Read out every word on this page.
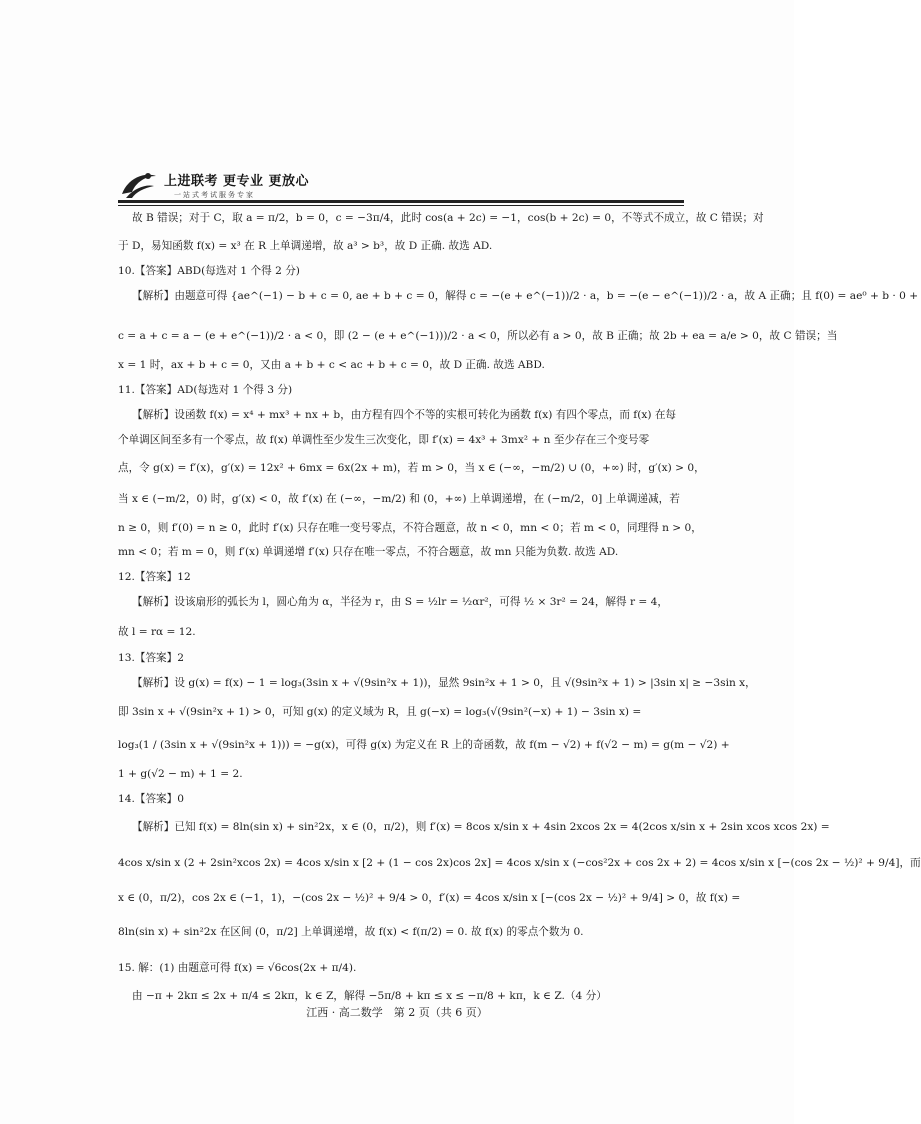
上进联考 更专业 更放心
一站式考试服务专家
故 B 错误；对于 C，取 a = π/2，b = 0，c = −3π/4，此时 cos(a + 2c) = −1，cos(b + 2c) = 0，不等式不成立，故 C 错误；对
于 D，易知函数 f(x) = x³ 在 R 上单调递增，故 a³ > b³，故 D 正确. 故选 AD.
10.【答案】ABD(每选对 1 个得 2 分)
【解析】由题意可得 {ae^(−1) − b + c = 0, ae + b + c = 0，解得 c = −(e + e^(−1))/2 · a，b = −(e − e^(−1))/2 · a，故 A 正确；且 f(0) = ae⁰ + b · 0 +
c = a + c = a − (e + e^(−1))/2 · a < 0，即 (2 − (e + e^(−1)))/2 · a < 0，所以必有 a > 0，故 B 正确；故 2b + ea = a/e > 0，故 C 错误；当
x = 1 时，ax + b + c = 0，又由 a + b + c < ac + b + c = 0，故 D 正确. 故选 ABD.
11.【答案】AD(每选对 1 个得 3 分)
【解析】设函数 f(x) = x⁴ + mx³ + nx + b，由方程有四个不等的实根可转化为函数 f(x) 有四个零点，而 f(x) 在每
个单调区间至多有一个零点，故 f(x) 单调性至少发生三次变化，即 f′(x) = 4x³ + 3mx² + n 至少存在三个变号零
点，令 g(x) = f′(x)，g′(x) = 12x² + 6mx = 6x(2x + m)，若 m > 0，当 x ∈ (−∞，−m/2) ∪ (0，+∞) 时，g′(x) > 0，
当 x ∈ (−m/2，0) 时，g′(x) < 0，故 f′(x) 在 (−∞，−m/2) 和 (0，+∞) 上单调递增，在 (−m/2，0] 上单调递减，若
n ≥ 0，则 f′(0) = n ≥ 0，此时 f′(x) 只存在唯一变号零点，不符合题意，故 n < 0，mn < 0；若 m < 0，同理得 n > 0，
mn < 0；若 m = 0，则 f′(x) 单调递增 f′(x) 只存在唯一零点，不符合题意，故 mn 只能为负数. 故选 AD.
12.【答案】12
【解析】设该扇形的弧长为 l，圆心角为 α，半径为 r，由 S = ½lr = ½αr²，可得 ½ × 3r² = 24，解得 r = 4，
故 l = rα = 12.
13.【答案】2
【解析】设 g(x) = f(x) − 1 = log₃(3sin x + √(9sin²x + 1))，显然 9sin²x + 1 > 0，且 √(9sin²x + 1) > |3sin x| ≥ −3sin x，
即 3sin x + √(9sin²x + 1) > 0，可知 g(x) 的定义域为 R，且 g(−x) = log₃(√(9sin²(−x) + 1) − 3sin x) =
log₃(1 / (3sin x + √(9sin²x + 1))) = −g(x)，可得 g(x) 为定义在 R 上的奇函数，故 f(m − √2) + f(√2 − m) = g(m − √2) +
1 + g(√2 − m) + 1 = 2.
14.【答案】0
【解析】已知 f(x) = 8ln(sin x) + sin²2x，x ∈ (0，π/2)，则 f′(x) = 8cos x/sin x + 4sin 2xcos 2x = 4(2cos x/sin x + 2sin xcos xcos 2x) =
4cos x/sin x (2 + 2sin²xcos 2x) = 4cos x/sin x [2 + (1 − cos 2x)cos 2x] = 4cos x/sin x (−cos²2x + cos 2x + 2) = 4cos x/sin x [−(cos 2x − ½)² + 9/4]，而
x ∈ (0，π/2)，cos 2x ∈ (−1，1)，−(cos 2x − ½)² + 9/4 > 0，f′(x) = 4cos x/sin x [−(cos 2x − ½)² + 9/4] > 0，故 f(x) =
8ln(sin x) + sin²2x 在区间 (0，π/2] 上单调递增，故 f(x) < f(π/2) = 0. 故 f(x) 的零点个数为 0.
15. 解：(1) 由题意可得 f(x) = √6cos(2x + π/4).
由 −π + 2kπ ≤ 2x + π/4 ≤ 2kπ，k ∈ Z，解得 −5π/8 + kπ ≤ x ≤ −π/8 + kπ，k ∈ Z.（4 分）
江西 · 高二数学　第 2 页（共 6 页）
